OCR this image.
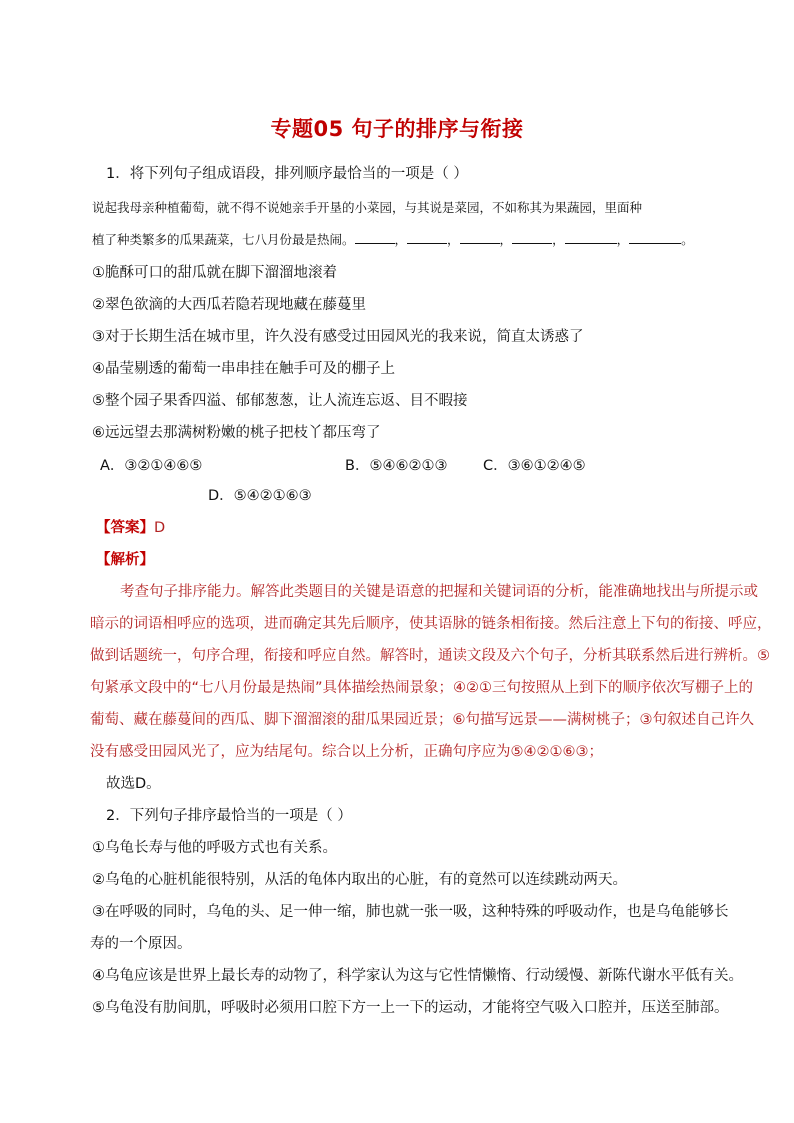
专题05 句子的排序与衔接
1．将下列句子组成语段，排列顺序最恰当的一项是（ ）
说起我母亲种植葡萄，就不得不说她亲手开垦的小菜园，与其说是菜园，不如称其为果蔬园，里面种
植了种类繁多的瓜果蔬菜，七八月份最是热闹。	，	，	，	，	，	。
①脆酥可口的甜瓜就在脚下溜溜地滚着
②翠色欲滴的大西瓜若隐若现地藏在藤蔓里
③对于长期生活在城市里，许久没有感受过田园风光的我来说，简直太诱惑了
④晶莹剔透的葡萄一串串挂在触手可及的棚子上
⑤整个园子果香四溢、郁郁葱葱，让人流连忘返、目不暇接
⑥远远望去那满树粉嫩的桃子把枝丫都压弯了
A．③②①④⑥⑤	B．⑤④⑥②①③ C．③⑥①②④⑤
D．⑤④②①⑥③
【答案】D
【解析】
考查句子排序能力。解答此类题目的关键是语意的把握和关键词语的分析，能准确地找出与所提示或
暗示的词语相呼应的选项，进而确定其先后顺序，使其语脉的链条相衔接。然后注意上下句的衔接、呼应，
做到话题统一，句序合理，衔接和呼应自然。解答时，通读文段及六个句子，分析其联系然后进行辨析。⑤
句紧承文段中的“七八月份最是热闹”具体描绘热闹景象；④②①三句按照从上到下的顺序依次写棚子上的
葡萄、藏在藤蔓间的西瓜、脚下溜溜滚的甜瓜果园近景；⑥句描写远景——满树桃子；③句叙述自己许久
没有感受田园风光了，应为结尾句。综合以上分析，正确句序应为⑤④②①⑥③；
故选D。
2．下列句子排序最恰当的一项是（ ）
①乌龟长寿与他的呼吸方式也有关系。
②乌龟的心脏机能很特别，从活的龟体内取出的心脏，有的竟然可以连续跳动两天。
③在呼吸的同时，乌龟的头、足一伸一缩，肺也就一张一吸，这种特殊的呼吸动作，也是乌龟能够长
寿的一个原因。
④乌龟应该是世界上最长寿的动物了，科学家认为这与它性情懒惰、行动缓慢、新陈代谢水平低有关。
⑤乌龟没有肋间肌，呼吸时必须用口腔下方一上一下的运动，才能将空气吸入口腔并，压送至肺部。
